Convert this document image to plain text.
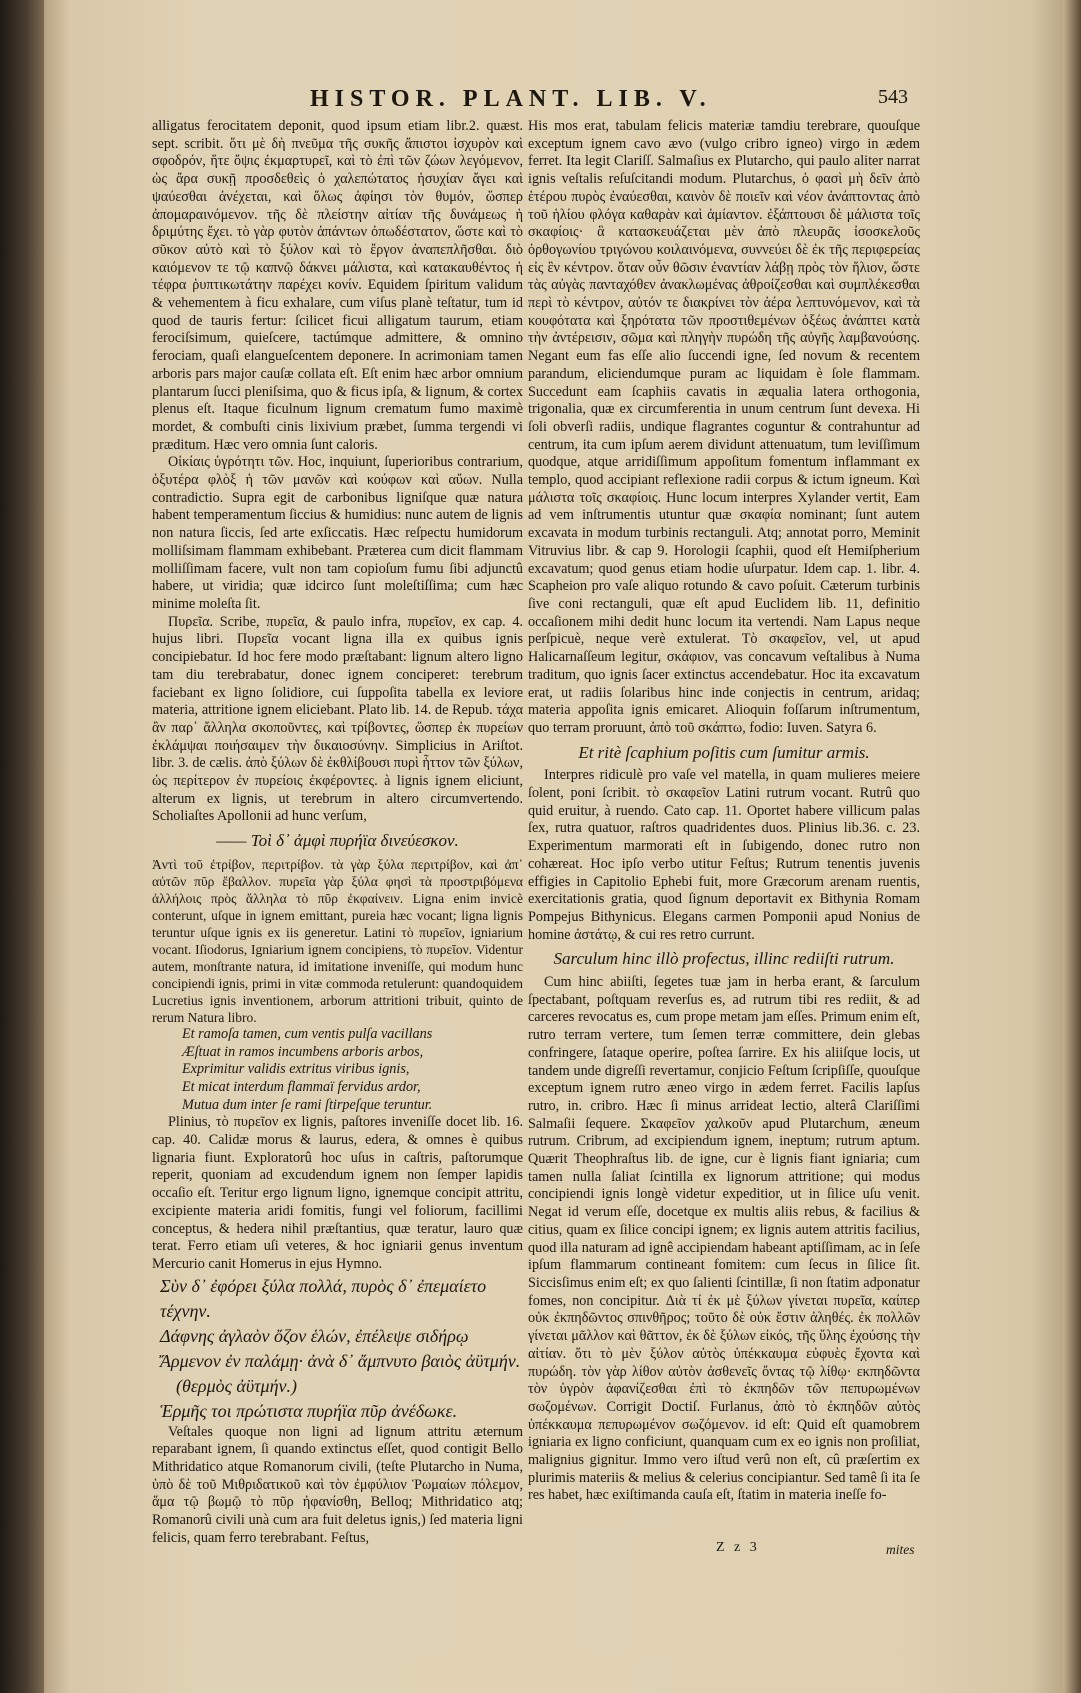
HISTOR. PLANT. LIB. V.	543

alligatus ferocitatem deponit, quod ipsum etiam libr.2. quæst. sept. scribit. ὅτι μὲ δὴ πνεῦμα τῆς συκῆς ἄπιστοι ἰσχυρὸν καὶ σφοδρόν, ἥτε ὄψις ἐκμαρτυρεῖ, καὶ τὸ ἐπὶ τῶν ζώων λεγόμενον, ὡς ἄρα συκῇ προσδεθεὶς ὁ χαλεπώτατος ἡσυχίαν ἄγει καὶ ψαύεσθαι ἀνέχεται, καὶ ὅλως ἀφίησι τὸν θυμόν, ὥσπερ ἀπομαραινόμενον. τῆς δὲ πλείστην αἰτίαν τῆς δυνάμεως ἡ δριμύτης ἔχει. τὸ γὰρ φυτὸν ἁπάντων ὀπωδέστατον, ὥστε καὶ τὸ σῦκον αὐτὸ καὶ τὸ ξύλον καὶ τὸ ἔργον ἀναπεπλῆσθαι. διὸ καιόμενον τε τῷ καπνῷ δάκνει μάλιστα, καὶ κατακαυθέντος ἡ τέφρα ῥυπτικωτάτην παρέχει κονίν. Equidem ſpiritum validum & vehementem à ficu exhalare, cum viſus planè teſtatur, tum id quod de tauris fertur: ſcilicet ficui alligatum taurum, etiam ferociſsimum, quieſcere, tactúmque admittere, & omnino ferociam, quaſi elangueſcentem deponere. In acrimoniam tamen arboris pars major cauſæ collata eſt. Eſt enim hæc arbor omnium plantarum ſucci pleniſsima, quo & ficus ipſa, & lignum, & cortex plenus eſt. Itaque ficulnum lignum crematum fumo maximè mordet, & combuſti cinis lixivium præbet, ſumma tergendi vi præditum. Hæc vero omnia ſunt caloris.

Οἰκίαις ὑγρότητι τῶν. Hoc, inquiunt, ſuperioribus contrarium, ὀξυτέρα φλὸξ ἡ τῶν μανῶν καὶ κούφων καὶ αὔων. Nulla contradictio. Supra egit de carbonibus ligniſque quæ natura habent temperamentum ſiccius & humidius: nunc autem de lignis non natura ſiccis, ſed arte exſiccatis. Hæc reſpectu humidorum molliſsimam flammam exhibebant. Præterea cum dicit flammam molliſſimam facere, vult non tam copioſum fumu ſibi adjunctû habere, ut viridia; quæ idcirco ſunt moleſtiſſima; cum hæc minime moleſta ſit.

Πυρεῖα. Scribe, πυρεῖα, & paulo infra, πυρεῖον, ex cap. 4. hujus libri. Πυρεῖα vocant ligna illa ex quibus ignis concipiebatur. Id hoc fere modo præſtabant: lignum altero ligno tam diu terebrabatur, donec ignem conciperet: terebrum faciebant ex ligno ſolidiore, cui ſuppoſita tabella ex leviore materia, attritione ignem eliciebant. Plato lib. 14. de Repub. τάχα ἂν παρ᾽ ἄλληλα σκοποῦντες, καὶ τρίβοντες, ὥσπερ ἐκ πυρείων ἐκλάμψαι ποιήσαιμεν τὴν δικαιοσύνην. Simplicius in Ariſtot. libr. 3. de cælis. ἀπὸ ξύλων δὲ ἐκθλίβουσι πυρὶ ἧττον τῶν ξύλων, ὡς περίτερον ἐν πυρείοις ἐκφέροντες. à lignis ignem eliciunt, alterum ex lignis, ut terebrum in altero circumvertendo. Scholiaſtes Apollonii ad hunc verſum,

—— Τοὶ δ᾽ ἀμφὶ πυρήϊα δινεύεσκον.

Ἀντὶ τοῦ ἐτρίβον, περιτρίβον. τὰ γὰρ ξύλα περιτρίβον, καὶ ἀπ᾽ αὐτῶν πῦρ ἔβαλλον. πυρεῖα γὰρ ξύλα φησὶ τὰ προστριβόμενα ἀλλήλοις πρὸς ἄλληλα τὸ πῦρ ἐκφαίνειν. Ligna enim invicè conterunt, uſque in ignem emittant, pureia hæc vocant; ligna lignis teruntur uſque ignis ex iis generetur. Latini τὸ πυρεῖον, igniarium vocant. Iſiodorus, Igniarium ignem concipiens, τὸ πυρεῖον. Videntur autem, monſtrante natura, id imitatione inveniſſe, qui modum hunc concipiendi ignis, primi in vitæ commoda retulerunt: quandoquidem Lucretius ignis inventionem, arborum attritioni tribuit, quinto de rerum Natura libro.

Et ramoſa tamen, cum ventis pulſa vacillans

Æſtuat in ramos incumbens arboris arbos,

Exprimitur validis extritus viribus ignis,

Et micat interdum flammaï fervidus ardor,

Mutua dum inter ſe rami ſtirpeſque teruntur.

Plinius, τὸ πυρεῖον ex lignis, paſtores inveniſſe docet lib. 16. cap. 40. Calidæ morus & laurus, edera, & omnes è quibus lignaria fiunt. Exploratorû hoc uſus in caſtris, paſtorumque reperit, quoniam ad excudendum ignem non ſemper lapidis occaſio eſt. Teritur ergo lignum ligno, ignemque concipit attritu, excipiente materia aridi fomitis, fungi vel foliorum, facillimi conceptus, & hedera nihil præſtantius, quæ teratur, lauro quæ terat. Ferro etiam uſi veteres, & hoc igniarii genus inventum Mercurio canit Homerus in ejus Hymno.

Σὺν δ᾽ ἐφόρει ξύλα πολλά, πυρὸς δ᾽ ἐπεμαίετο τέχνην.

Δάφνης ἀγλαὸν ὄζον ἑλών, ἐπέλεψε σιδήρῳ

Ἄρμενον ἐν παλάμῃ· ἀνὰ δ᾽ ἄμπνυτο βαιὸς ἀϋτμήν.

(θερμὸς ἀϋτμήν.)

Ἑρμῆς τοι πρώτιστα πυρήϊα πῦρ ἀνέδωκε.

Veſtales quoque non ligni ad lignum attritu æternum reparabant ignem, ſi quando extinctus eſſet, quod contigit Bello Mithridatico atque Romanorum civili, (teſte Plutarcho in Numa, ὑπὸ δὲ τοῦ Μιθριδατικοῦ καὶ τὸν ἐμφύλιον Ῥωμαίων πόλεμον, ἅμα τῷ βωμῷ τὸ πῦρ ἠφανίσθη, Belloq; Mithridatico atq; Romanorû civili unà cum ara fuit deletus ignis,) ſed materia ligni felicis, quam ferro terebrabant. Feſtus,

His mos erat, tabulam felicis materiæ tamdiu terebrare, quouſque exceptum ignem cavo ævo (vulgo cribro igneo) virgo in ædem ferret. Ita legit Clariſſ. Salmaſius ex Plutarcho, qui paulo aliter narrat ignis veſtalis reſuſcitandi modum. Plutarchus, ὁ φασὶ μὴ δεῖν ἀπὸ ἑτέρου πυρὸς ἐναύεσθαι, καινὸν δὲ ποιεῖν καὶ νέον ἀνάπτοντας ἀπὸ τοῦ ἡλίου φλόγα καθαρὰν καὶ ἀμίαντον. ἐξάπτουσι δὲ μάλιστα τοῖς σκαφίοις· ἃ κατασκευάζεται μὲν ἀπὸ πλευρᾶς ἰσοσκελοῦς ὀρθογωνίου τριγώνου κοιλαινόμενα, συννεύει δὲ ἐκ τῆς περιφερείας εἰς ἓν κέντρον. ὅταν οὖν θῶσιν ἐναντίαν λάβῃ πρὸς τὸν ἥλιον, ὥστε τὰς αὐγὰς πανταχόθεν ἀνακλωμένας ἀθροίζεσθαι καὶ συμπλέκεσθαι περὶ τὸ κέντρον, αὐτόν τε διακρίνει τὸν ἀέρα λεπτυνόμενον, καὶ τὰ κουφότατα καὶ ξηρότατα τῶν προστιθεμένων ὀξέως ἀνάπτει κατὰ τὴν ἀντέρεισιν, σῶμα καὶ πληγὴν πυρώδη τῆς αὐγῆς λαμβανούσης. Negant eum fas eſſe alio ſuccendi igne, ſed novum & recentem parandum, eliciendumque puram ac liquidam è ſole flammam. Succedunt eam ſcaphiis cavatis in æqualia latera orthogonia, trigonalia, quæ ex circumferentia in unum centrum ſunt devexa. Hi ſoli obverſi radiis, undique flagrantes coguntur & contrahuntur ad centrum, ita cum ipſum aerem dividunt attenuatum, tum leviſſimum quodque, atque arridiſſimum appoſitum fomentum inflammant ex templo, quod accipiant reflexione radii corpus & ictum igneum. Καὶ μάλιστα τοῖς σκαφίοις. Hunc locum interpres Xylander vertit, Eam ad vem inſtrumentis utuntur quæ σκαφία nominant; ſunt autem excavata in modum turbinis rectanguli. Atq; annotat porro, Meminit Vitruvius libr. & cap 9. Horologii ſcaphii, quod eſt Hemiſpherium excavatum; quod genus etiam hodie uſurpatur. Idem cap. 1. libr. 4. Scapheion pro vaſe aliquo rotundo & cavo poſuit. Cæterum turbinis ſive coni rectanguli, quæ eſt apud Euclidem lib. 11, definitio occaſionem mihi dedit hunc locum ita vertendi. Nam Lapus neque perſpicuè, neque verè extulerat. Τὸ σκαφεῖον, vel, ut apud Halicarnaſſeum legitur, σκάφιον, vas concavum veſtalibus à Numa traditum, quo ignis ſacer extinctus accendebatur. Hoc ita excavatum erat, ut radiis ſolaribus hinc inde conjectis in centrum, aridaq; materia appoſita ignis emicaret. Alioquin foſſarum inſtrumentum, quo terram proruunt, ἀπὸ τοῦ σκάπτω, fodio: Iuven. Satyra 6.

Et ritè ſcaphium poſitis cum ſumitur armis.

Interpres ridiculè pro vaſe vel matella, in quam mulieres meiere ſolent, poni ſcribit. τὸ σκαφεῖον Latini rutrum vocant. Rutrû quo quid eruitur, à ruendo. Cato cap. 11. Oportet habere villicum palas ſex, rutra quatuor, raſtros quadridentes duos. Plinius lib.36. c. 23. Experimentum marmorati eſt in ſubigendo, donec rutro non cohæreat. Hoc ipſo verbo utitur Feſtus; Rutrum tenentis juvenis effigies in Capitolio Ephebi fuit, more Græcorum arenam ruentis, exercitationis gratia, quod ſignum deportavit ex Bithynia Romam Pompejus Bithynicus. Elegans carmen Pomponii apud Nonius de homine ἀστάτῳ, & cui res retro currunt.

Sarculum hinc illò profectus, illinc rediiſti rutrum.

Cum hinc abiiſti, ſegetes tuæ jam in herba erant, & ſarculum ſpectabant, poſtquam reverſus es, ad rutrum tibi res rediit, & ad carceres revocatus es, cum prope metam jam eſſes. Primum enim eſt, rutro terram vertere, tum ſemen terræ committere, dein glebas confringere, ſataque operire, poſtea ſarrire. Ex his aliiſque locis, ut tandem unde digreſſi revertamur, conjicio Feſtum ſcripſiſſe, quouſque exceptum ignem rutro æneo virgo in ædem ferret. Facilis lapſus rutro, in. cribro. Hæc ſi minus arrideat lectio, alterâ Clariſſimi Salmaſii ſequere. Σκαφεῖον χαλκοῦν apud Plutarchum, æneum rutrum. Cribrum, ad excipiendum ignem, ineptum; rutrum aptum. Quærit Theophraſtus lib. de igne, cur è lignis fiant igniaria; cum tamen nulla ſaliat ſcintilla ex lignorum attritione; qui modus concipiendi ignis longè videtur expeditior, ut in ſilice uſu venit. Negat id verum eſſe, docetque ex multis aliis rebus, & facilius & citius, quam ex ſilice concipi ignem; ex lignis autem attritis facilius, quod illa naturam ad ignê accipiendam habeant aptiſſimam, ac in ſeſe ipſum flammarum contineant fomitem: cum ſecus in ſilice ſit. Siccisſimus enim eſt; ex quo ſalienti ſcintillæ, ſi non ſtatim adponatur fomes, non concipitur. Διὰ τί ἐκ μὲ ξύλων γίνεται πυρεῖα, καίπερ οὐκ ἐκπηδῶντος σπινθῆρος; τοῦτο δὲ οὐκ ἔστιν ἀληθές. ἐκ πολλῶν γίνεται μᾶλλον καὶ θᾶττον, ἐκ δὲ ξύλων εἰκός, τῆς ὕλης ἐχούσης τὴν αἰτίαν. ὅτι τὸ μὲν ξύλον αὐτὸς ὑπέκκαυμα εὐφυὲς ἔχοντα καὶ πυρώδη. τὸν γὰρ λίθον αὐτὸν ἀσθενεῖς ὄντας τῷ λίθῳ· εκπηδῶντα τὸν ὑγρὸν ἀφανίζεσθαι ἐπὶ τὸ ἐκπηδῶν τῶν πεπυρωμένων σωζομένων. Corrigit Doctiſ. Furlanus, ἀπὸ τὸ ἐκπηδῶν αὐτὸς ὑπέκκαυμα πεπυρωμένον σωζόμενον. id eſt: Quid eſt quamobrem igniaria ex ligno conficiunt, quanquam cum ex eo ignis non proſiliat, malignius gignitur. Immo vero iſtud verû non eſt, cû præſertim ex plurimis materiis & melius & celerius concipiantur. Sed tamê ſi ita ſe res habet, hæc exiſtimanda cauſa eſt, ſtatim in materia ineſſe fo-

Z z 3	mites
